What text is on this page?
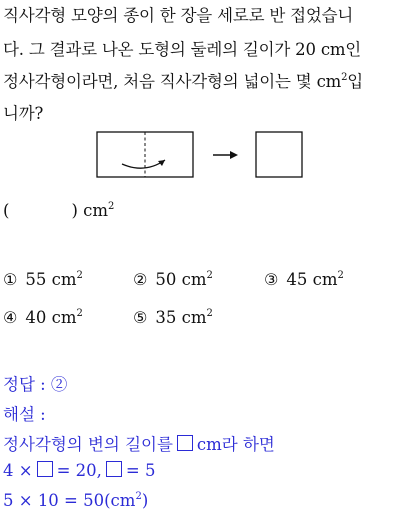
직사각형 모양의 종이 한 장을 세로로 반 접었습니
다. 그 결과로 나온 도형의 둘레의 길이가 20 cm인
정사각형이라면, 처음 직사각형의 넓이는 몇 $cm^2$입
니까?
(	) $cm^2$
① 55 $cm^2$	② 50 $cm^2$	③ 45 $cm^2$
④ 40 $cm^2$	⑤ 35 $cm^2$
정답 : ②
해설 :
정사각형의 변의 길이를 cm라 하면
4 × = 20, = 5
$5 \times 10 = 50(cm^2)$
